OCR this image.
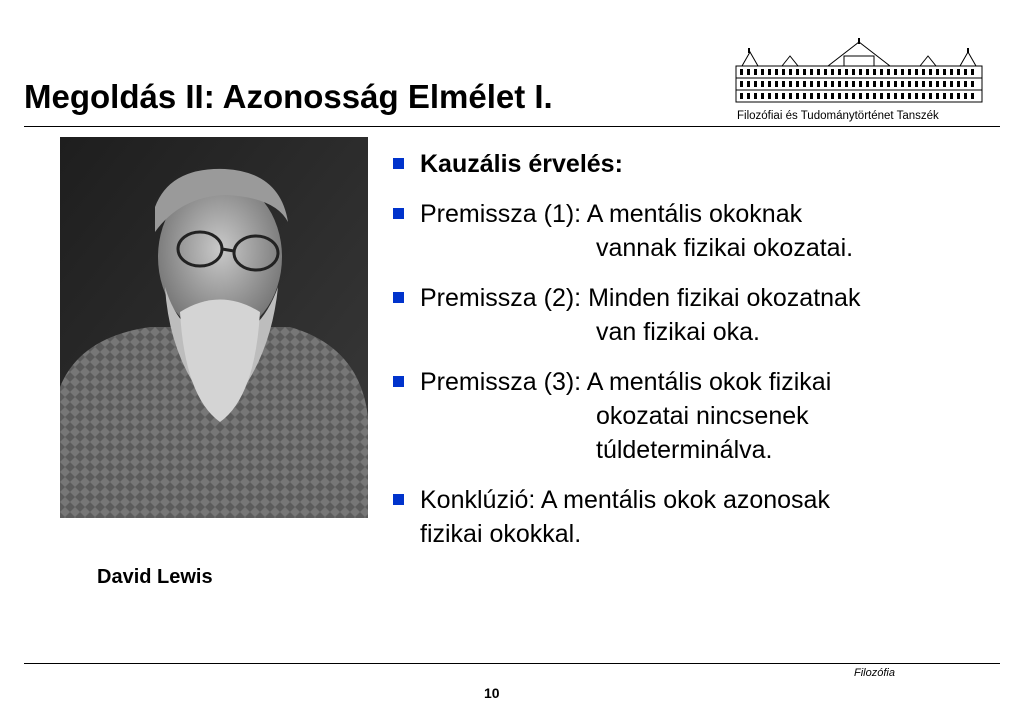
Megoldás II: Azonosság Elmélet I.
Filozófiai és Tudománytörténet Tanszék
David Lewis
Kauzális érvelés:
Premissza (1): A mentális okoknak
vannak fizikai okozatai.
Premissza (2): Minden fizikai okozatnak
van fizikai oka.
Premissza (3): A mentális okok fizikai
okozatai nincsenek
túldeterminálva.
Konklúzió: A mentális okok azonosak
fizikai okokkal.
Filozófia
10
